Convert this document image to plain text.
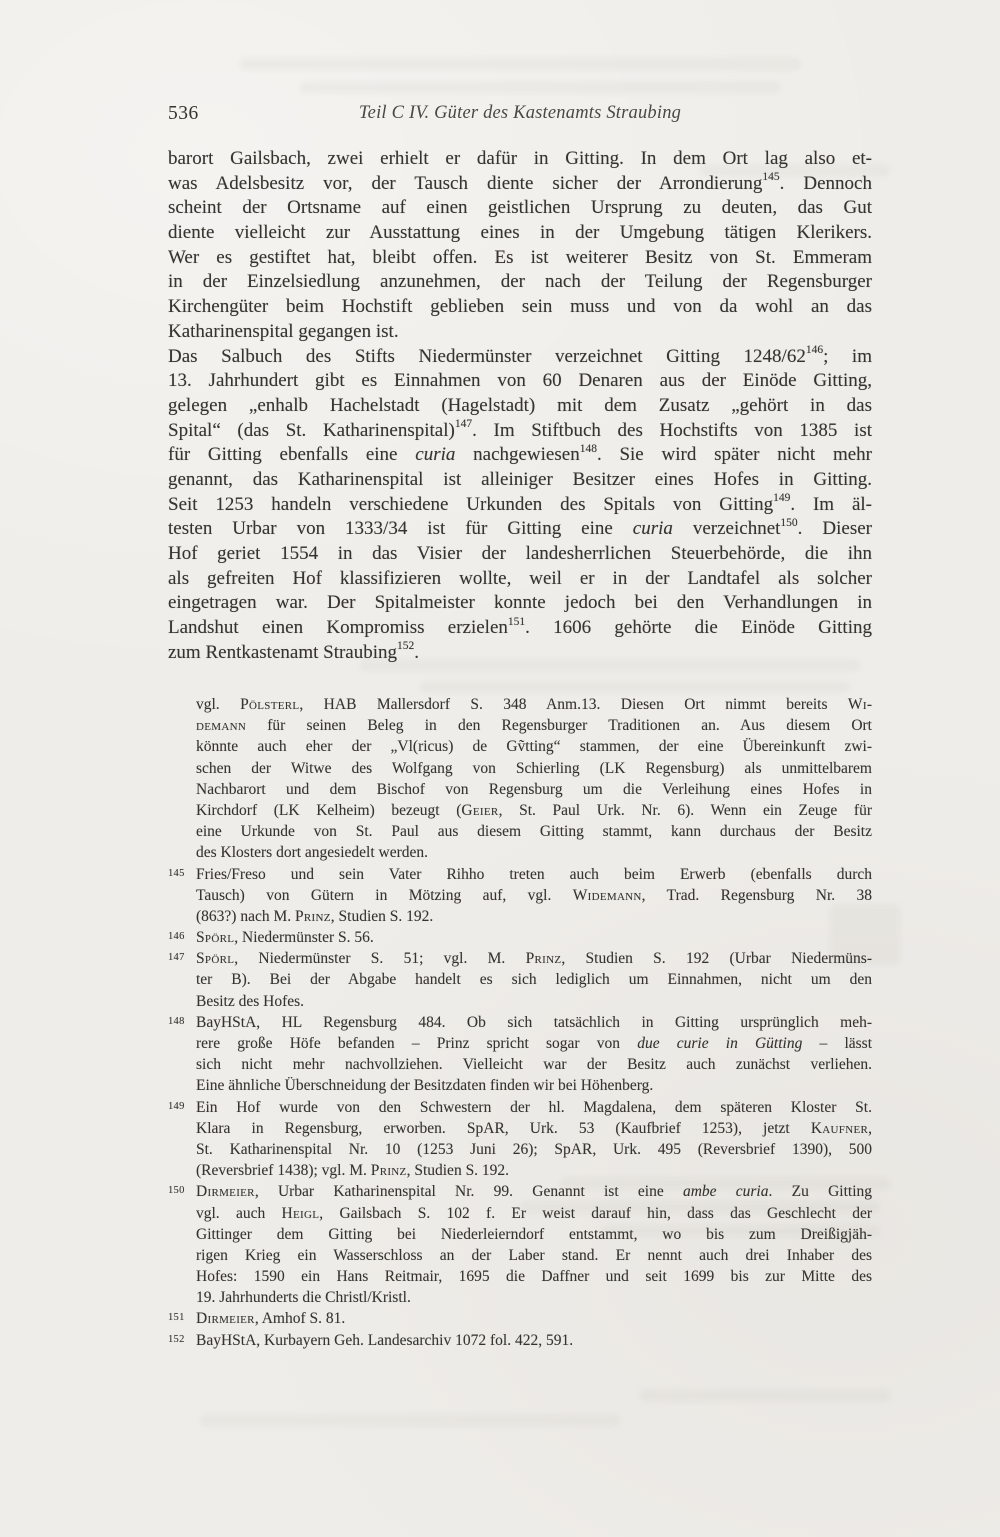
536	Teil C IV. Güter des Kastenamts Straubing
barort Gailsbach, zwei erhielt er dafür in Gitting. In dem Ort lag also et-
was Adelsbesitz vor, der Tausch diente sicher der Arrondierung$^{145}$. Dennoch
scheint der Ortsname auf einen geistlichen Ursprung zu deuten, das Gut
diente vielleicht zur Ausstattung eines in der Umgebung tätigen Klerikers.
Wer es gestiftet hat, bleibt offen. Es ist weiterer Besitz von St. Emmeram
in der Einzelsiedlung anzunehmen, der nach der Teilung der Regensburger
Kirchengüter beim Hochstift geblieben sein muss und von da wohl an das
Katharinenspital gegangen ist.
Das Salbuch des Stifts Niedermünster verzeichnet Gitting $1248/62^{146}$; im
13. Jahrhundert gibt es Einnahmen von 60 Denaren aus der Einöde Gitting,
gelegen „enhalb Hachelstadt (Hagelstadt) mit dem Zusatz „gehört in das
Spital“ (das St. Katharinenspital)$^{147}$. Im Stiftbuch des Hochstifts von 1385 ist
für Gitting ebenfalls eine curia nachgewiesen$^{148}$. Sie wird später nicht mehr
genannt, das Katharinenspital ist alleiniger Besitzer eines Hofes in Gitting.
Seit 1253 handeln verschiedene Urkunden des Spitals von Gitting$^{149}$. Im äl-
testen Urbar von 1333/34 ist für Gitting eine curia verzeichnet$^{150}$. Dieser
Hof geriet 1554 in das Visier der landesherrlichen Steuerbehörde, die ihn
als gefreiten Hof klassifizieren wollte, weil er in der Landtafel als solcher
eingetragen war. Der Spitalmeister konnte jedoch bei den Verhandlungen in
Landshut einen Kompromiss erzielen$^{151}$. 1606 gehörte die Einöde Gitting
zum Rentkastenamt Straubing$^{152}$.
vgl. Pölsterl, HAB Mallersdorf S. 348 Anm.13. Diesen Ort nimmt bereits Wi-
demann für seinen Beleg in den Regensburger Traditionen an. Aus diesem Ort
könnte auch eher der „Vl(ricus) de Gṽtting“ stammen, der eine Übereinkunft zwi-
schen der Witwe des Wolfgang von Schierling (LK Regensburg) als unmittelbarem
Nachbarort und dem Bischof von Regensburg um die Verleihung eines Hofes in
Kirchdorf (LK Kelheim) bezeugt (Geier, St. Paul Urk. Nr. 6). Wenn ein Zeuge für
eine Urkunde von St. Paul aus diesem Gitting stammt, kann durchaus der Besitz
des Klosters dort angesiedelt werden.
145 Fries/Freso und sein Vater Rihho treten auch beim Erwerb (ebenfalls durch
Tausch) von Gütern in Mötzing auf, vgl. Widemann, Trad. Regensburg Nr. 38
(863?) nach M. Prinz, Studien S. 192.
146 Spörl, Niedermünster S. 56.
147 Spörl, Niedermünster S. 51; vgl. M. Prinz, Studien S. 192 (Urbar Niedermüns-
ter B). Bei der Abgabe handelt es sich lediglich um Einnahmen, nicht um den
Besitz des Hofes.
148 BayHStA, HL Regensburg 484. Ob sich tatsächlich in Gitting ursprünglich meh-
rere große Höfe befanden – Prinz spricht sogar von due curie in Gütting – lässt
sich nicht mehr nachvollziehen. Vielleicht war der Besitz auch zunächst verliehen.
Eine ähnliche Überschneidung der Besitzdaten finden wir bei Höhenberg.
149 Ein Hof wurde von den Schwestern der hl. Magdalena, dem späteren Kloster St.
Klara in Regensburg, erworben. SpAR, Urk. 53 (Kaufbrief 1253), jetzt Kaufner,
St. Katharinenspital Nr. 10 (1253 Juni 26); SpAR, Urk. 495 (Reversbrief 1390), 500
(Reversbrief 1438); vgl. M. Prinz, Studien S. 192.
150 Dirmeier, Urbar Katharinenspital Nr. 99. Genannt ist eine ambe curia. Zu Gitting
vgl. auch Heigl, Gailsbach S. 102 f. Er weist darauf hin, dass das Geschlecht der
Gittinger dem Gitting bei Niederleierndorf entstammt, wo bis zum Dreißigjäh-
rigen Krieg ein Wasserschloss an der Laber stand. Er nennt auch drei Inhaber des
Hofes: 1590 ein Hans Reitmair, 1695 die Daffner und seit 1699 bis zur Mitte des
19. Jahrhunderts die Christl/Kristl.
151 Dirmeier, Amhof S. 81.
152 BayHStA, Kurbayern Geh. Landesarchiv 1072 fol. 422, 591.
